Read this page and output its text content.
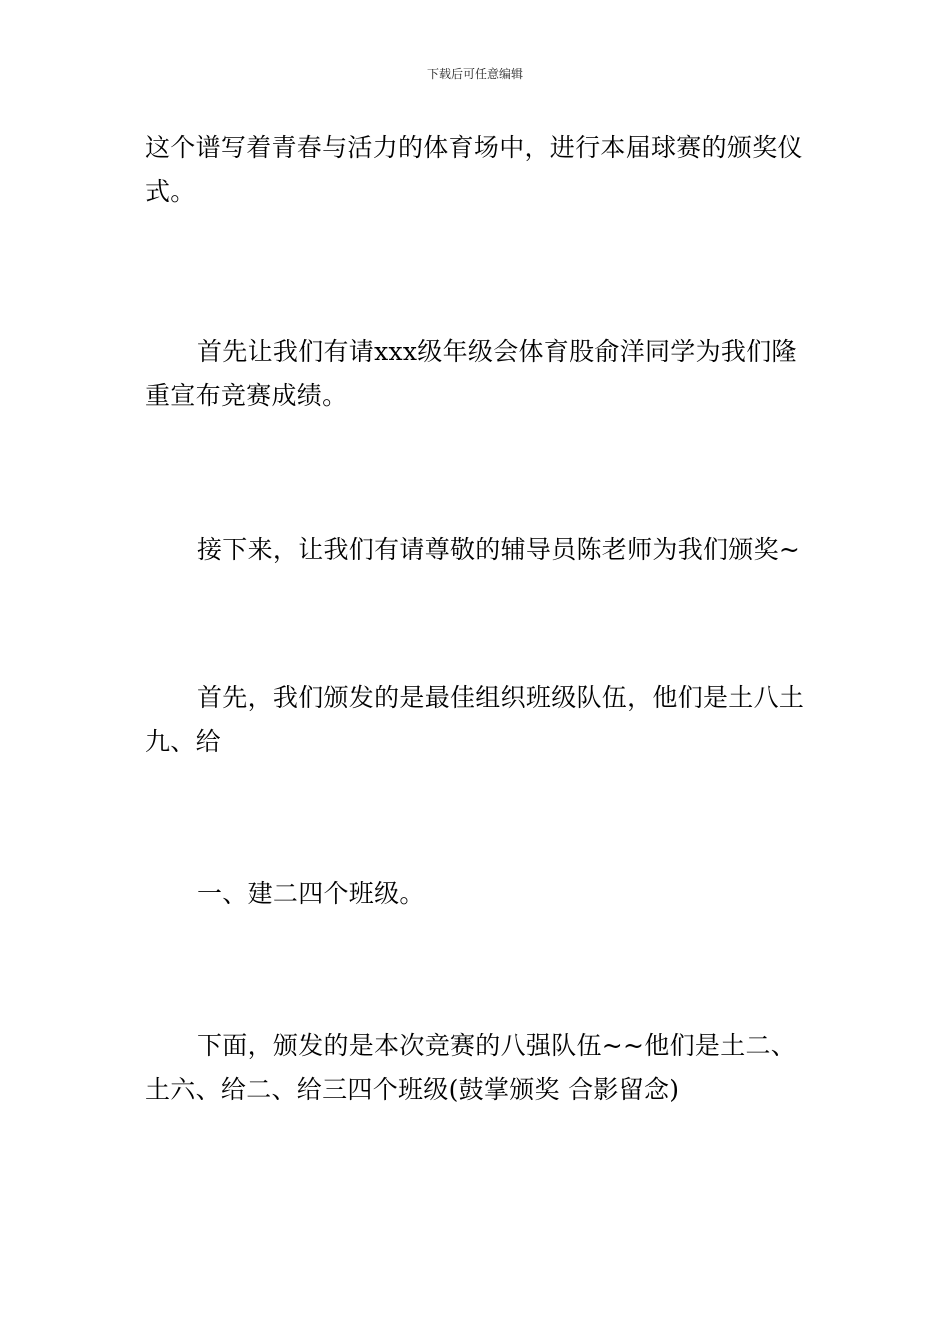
下载后可任意编辑

这个谱写着青春与活力的体育场中，进行本届球赛的颁奖仪式。

首先让我们有请xxx级年级会体育股俞洋同学为我们隆重宣布竞赛成绩。

接下来，让我们有请尊敬的辅导员陈老师为我们颁奖~

首先，我们颁发的是最佳组织班级队伍，他们是土八土九、给

一、建二四个班级。

下面，颁发的是本次竞赛的八强队伍~~他们是土二、土六、给二、给三四个班级(鼓掌颁奖 合影留念)
